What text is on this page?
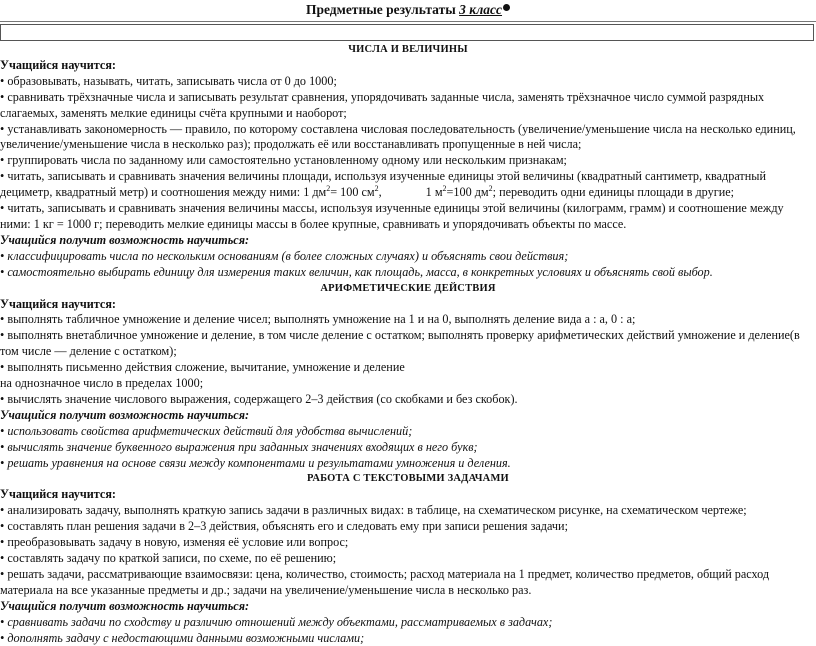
Предметные результаты 3 класс

ЧИСЛА И ВЕЛИЧИНЫ

Учащийся научится:

• образовывать, называть, читать, записывать числа от 0 до 1000;

• сравнивать трёхзначные числа и записывать результат сравнения, упорядочивать заданные числа, заменять трёхзначное число суммой разрядных слагаемых, заменять мелкие единицы счёта крупными и наоборот;

• устанавливать закономерность — правило, по которому составлена числовая последовательность (увеличение/уменьшение числа на несколько единиц, увеличение/уменьшение числа в несколько раз); продолжать её или восстанавливать пропущенные в ней числа;

• группировать числа по заданному или самостоятельно установленному одному или нескольким признакам;

• читать, записывать и сравнивать значения величины площади, используя изученные единицы этой величины (квадратный сантиметр, квадратный дециметр, квадратный метр) и соотношения между ними: 1 $дм^2= 100$ $см^2$,	1 $м^2=100$ $дм^2$; переводить одни единицы площади в другие;

• читать, записывать и сравнивать значения величины массы, используя изученные единицы этой величины (килограмм, грамм) и соотношение между ними: 1 кг = 1000 г; переводить мелкие единицы массы в более крупные, сравнивать и упорядочивать объекты по массе.

Учащийся получит возможность научиться:

• классифицировать числа по нескольким основаниям (в более сложных случаях) и объяснять свои действия;

• самостоятельно выбирать единицу для измерения таких величин, как площадь, масса, в конкретных условиях и объяснять свой выбор.

АРИФМЕТИЧЕСКИЕ ДЕЙСТВИЯ

Учащийся научится:

• выполнять табличное умножение и деление чисел; выполнять умножение на 1 и на 0, выполнять деление вида a : a, 0 : a;

• выполнять внетабличное умножение и деление, в том числе деление с остатком; выполнять проверку арифметических действий умножение и деление(в том числе — деление с остатком);

• выполнять письменно действия сложение, вычитание, умножение и деление

на однозначное число в пределах 1000;

• вычислять значение числового выражения, содержащего 2–3 действия (со скобками и без скобок).

Учащийся получит возможность научиться:

• использовать свойства арифметических действий для удобства вычислений;

• вычислять значение буквенного выражения при заданных значениях входящих в него букв;

• решать уравнения на основе связи между компонентами и результатами умножения и деления.

РАБОТА С ТЕКСТОВЫМИ ЗАДАЧАМИ

Учащийся научится:

• анализировать задачу, выполнять краткую запись задачи в различных видах: в таблице, на схематическом рисунке, на схематическом чертеже;

• составлять план решения задачи в 2–3 действия, объяснять его и следовать ему при записи решения задачи;

• преобразовывать задачу в новую, изменяя её условие или вопрос;

• составлять задачу по краткой записи, по схеме, по её решению;

• решать задачи, рассматривающие взаимосвязи: цена, количество, стоимость; расход материала на 1 предмет, количество предметов, общий расход материала на все указанные предметы и др.; задачи на увеличение/уменьшение числа в несколько раз.

Учащийся получит возможность научиться:

• сравнивать задачи по сходству и различию отношений между объектами, рассматриваемых в задачах;

• дополнять задачу с недостающими данными возможными числами;
